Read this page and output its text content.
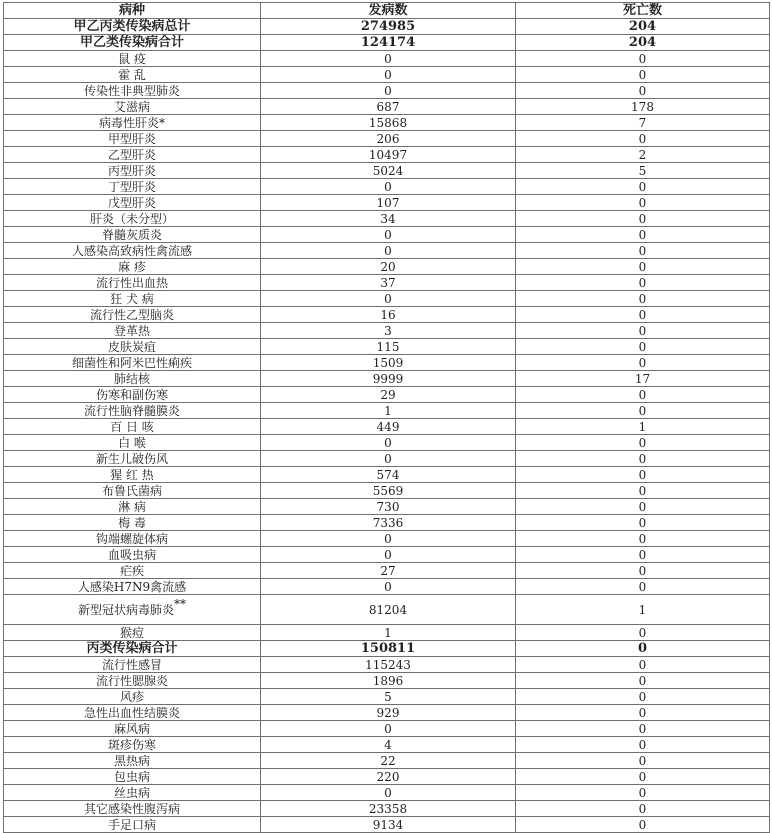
病种	发病数	死亡数
甲乙丙类传染病总计	274985	204
甲乙类传染病合计	124174	204
鼠 疫	0	0
霍 乱	0	0
传染性非典型肺炎	0	0
艾滋病	687	178
病毒性肝炎*	15868	7
甲型肝炎	206	0
乙型肝炎	10497	2
丙型肝炎	5024	5
丁型肝炎	0	0
戊型肝炎	107	0
肝炎（未分型）	34	0
脊髓灰质炎	0	0
人感染高致病性禽流感	0	0
麻 疹	20	0
流行性出血热	37	0
狂 犬 病	0	0
流行性乙型脑炎	16	0
登革热	3	0
皮肤炭疽	115	0
细菌性和阿米巴性痢疾	1509	0
肺结核	9999	17
伤寒和副伤寒	29	0
流行性脑脊髓膜炎	1	0
百 日 咳	449	1
白 喉	0	0
新生儿破伤风	0	0
猩 红 热	574	0
布鲁氏菌病	5569	0
淋 病	730	0
梅 毒	7336	0
钩端螺旋体病	0	0
血吸虫病	0	0
疟疾	27	0
人感染H7N9禽流感	0	0
新型冠状病毒肺炎**	81204	1
猴痘	1	0
丙类传染病合计	150811	0
流行性感冒	115243	0
流行性腮腺炎	1896	0
风疹	5	0
急性出血性结膜炎	929	0
麻风病	0	0
斑疹伤寒	4	0
黑热病	22	0
包虫病	220	0
丝虫病	0	0
其它感染性腹泻病	23358	0
手足口病	9134	0
